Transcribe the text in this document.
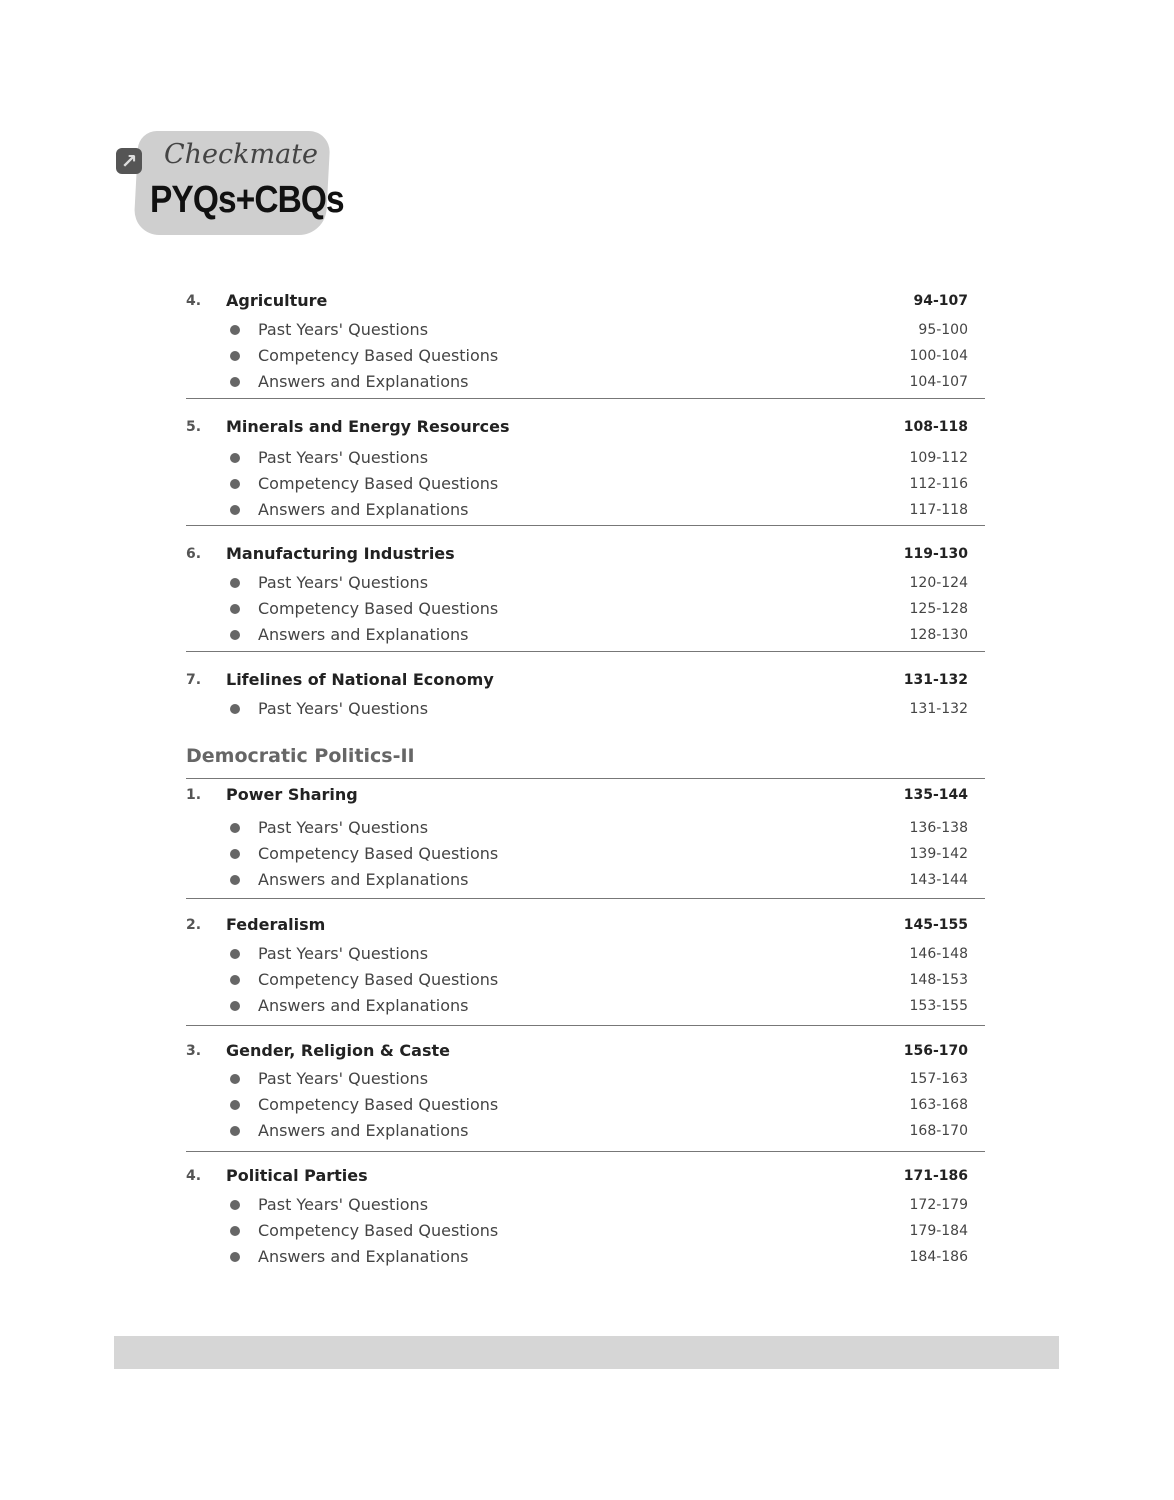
↗ Checkmate
PYQs+CBQs
4. Agriculture	94-107
Past Years' Questions	95-100
Competency Based Questions	100-104
Answers and Explanations	104-107
5. Minerals and Energy Resources	108-118
Past Years' Questions	109-112
Competency Based Questions	112-116
Answers and Explanations	117-118
6. Manufacturing Industries	119-130
Past Years' Questions	120-124
Competency Based Questions	125-128
Answers and Explanations	128-130
7. Lifelines of National Economy	131-132
Past Years' Questions	131-132
Democratic Politics-II
1. Power Sharing	135-144
Past Years' Questions	136-138
Competency Based Questions	139-142
Answers and Explanations	143-144
2. Federalism	145-155
Past Years' Questions	146-148
Competency Based Questions	148-153
Answers and Explanations	153-155
3. Gender, Religion & Caste	156-170
Past Years' Questions	157-163
Competency Based Questions	163-168
Answers and Explanations	168-170
4. Political Parties	171-186
Past Years' Questions	172-179
Competency Based Questions	179-184
Answers and Explanations	184-186
